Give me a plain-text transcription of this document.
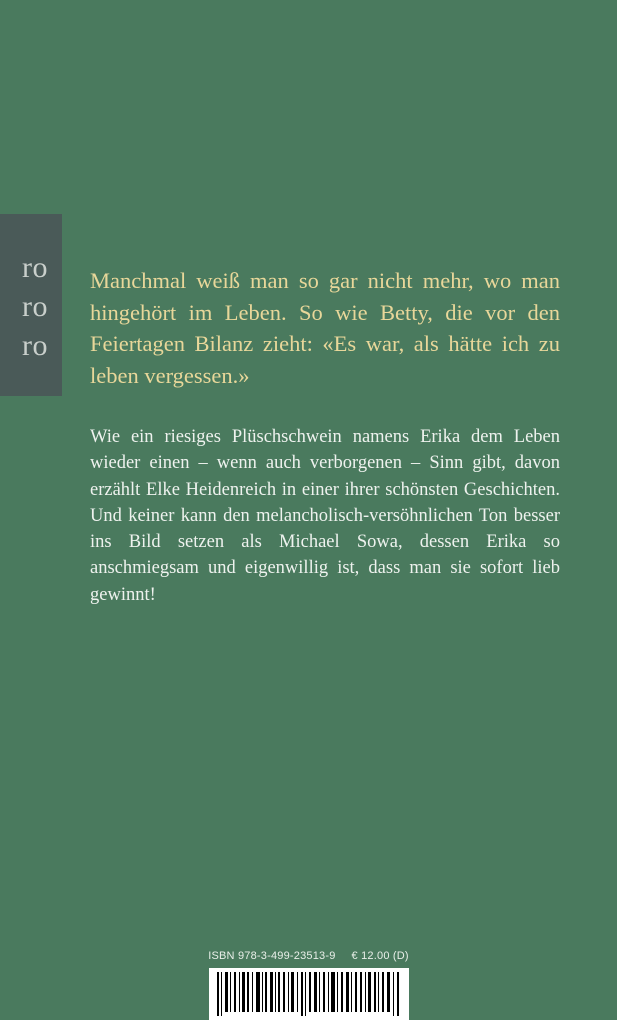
ro
ro
ro
Manchmal weiß man so gar nicht mehr, wo man hingehört im Leben. So wie Betty, die vor den Feiertagen Bilanz zieht: «Es war, als hätte ich zu leben vergessen.»
Wie ein riesiges Plüschschwein namens Erika dem Leben wieder einen – wenn auch verborgenen – Sinn gibt, davon erzählt Elke Heidenreich in einer ihrer schönsten Geschichten. Und keiner kann den melancholisch-versöhnlichen Ton besser ins Bild setzen als Michael Sowa, dessen Erika so anschmiegsam und eigenwillig ist, dass man sie sofort lieb gewinnt!
ISBN 978-3-499-23513-9 € 12.00 (D)
